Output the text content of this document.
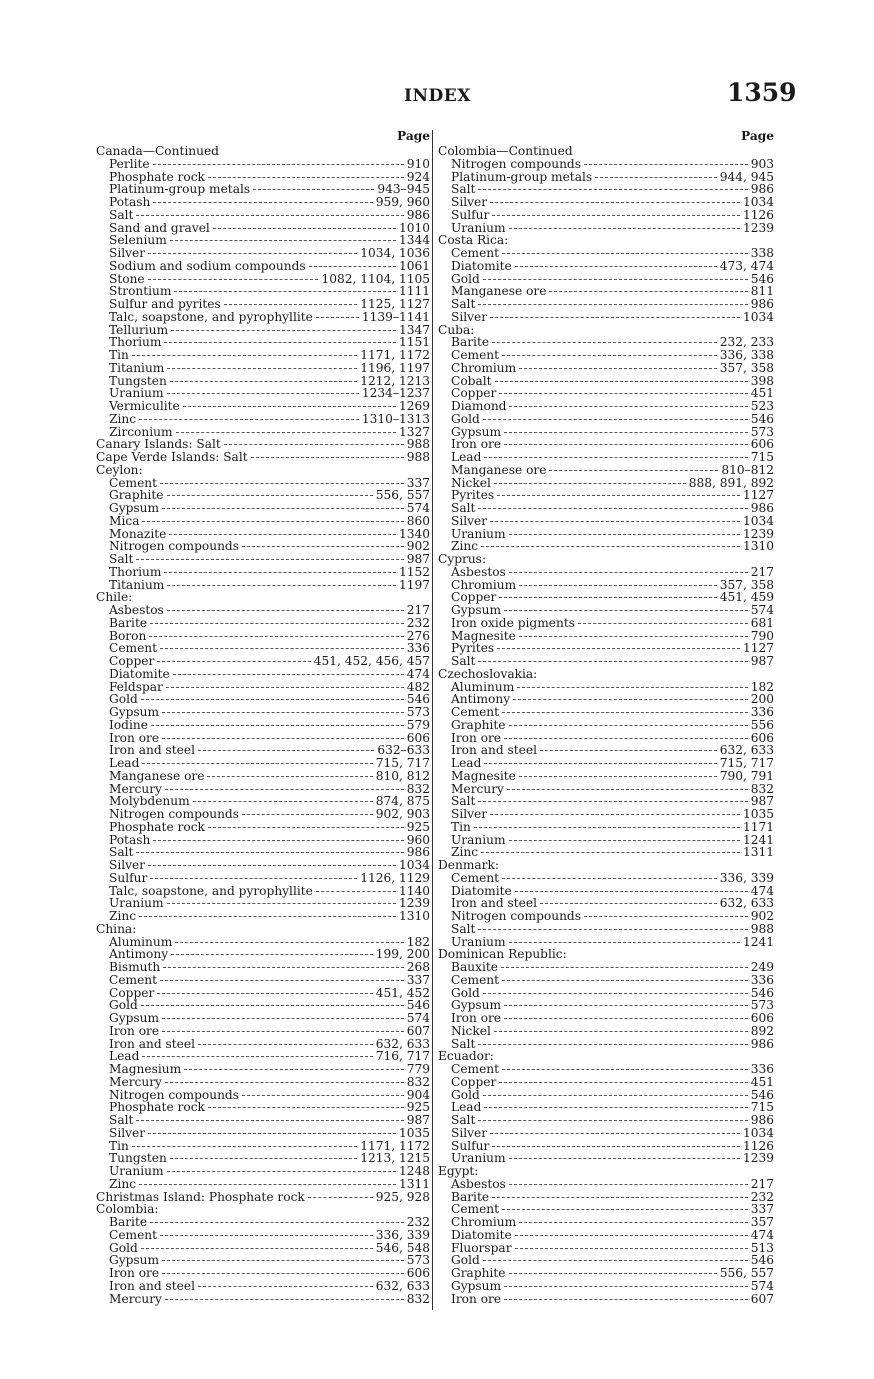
INDEX	1359
Page
Canada—Continued
Perlite	910
Phosphate rock	924
Platinum-group metals	943–945
Potash	959, 960
Salt	986
Sand and gravel	1010
Selenium	1344
Silver	1034, 1036
Sodium and sodium compounds	1061
Stone	1082, 1104, 1105
Strontium	1111
Sulfur and pyrites	1125, 1127
Talc, soapstone, and pyrophyllite	1139–1141
Tellurium	1347
Thorium	1151
Tin	1171, 1172
Titanium	1196, 1197
Tungsten	1212, 1213
Uranium	1234–1237
Vermiculite	1269
Zinc	1310–1313
Zirconium	1327
Canary Islands: Salt	988
Cape Verde Islands: Salt	988
Ceylon:
Cement	337
Graphite	556, 557
Gypsum	574
Mica	860
Monazite	1340
Nitrogen compounds	902
Salt	987
Thorium	1152
Titanium	1197
Chile:
Asbestos	217
Barite	232
Boron	276
Cement	336
Copper	451, 452, 456, 457
Diatomite	474
Feldspar	482
Gold	546
Gypsum	573
Iodine	579
Iron ore	606
Iron and steel	632–633
Lead	715, 717
Manganese ore	810, 812
Mercury	832
Molybdenum	874, 875
Nitrogen compounds	902, 903
Phosphate rock	925
Potash	960
Salt	986
Silver	1034
Sulfur	1126, 1129
Talc, soapstone, and pyrophyllite	1140
Uranium	1239
Zinc	1310
China:
Aluminum	182
Antimony	199, 200
Bismuth	268
Cement	337
Copper	451, 452
Gold	546
Gypsum	574
Iron ore	607
Iron and steel	632, 633
Lead	716, 717
Magnesium	779
Mercury	832
Nitrogen compounds	904
Phosphate rock	925
Salt	987
Silver	1035
Tin	1171, 1172
Tungsten	1213, 1215
Uranium	1248
Zinc	1311
Christmas Island: Phosphate rock	925, 928
Colombia:
Barite	232
Cement	336, 339
Gold	546, 548
Gypsum	573
Iron ore	606
Iron and steel	632, 633
Mercury	832
Page
Colombia—Continued
Nitrogen compounds	903
Platinum-group metals	944, 945
Salt	986
Silver	1034
Sulfur	1126
Uranium	1239
Costa Rica:
Cement	338
Diatomite	473, 474
Gold	546
Manganese ore	811
Salt	986
Silver	1034
Cuba:
Barite	232, 233
Cement	336, 338
Chromium	357, 358
Cobalt	398
Copper	451
Diamond	523
Gold	546
Gypsum	573
Iron ore	606
Lead	715
Manganese ore	810–812
Nickel	888, 891, 892
Pyrites	1127
Salt	986
Silver	1034
Uranium	1239
Zinc	1310
Cyprus:
Asbestos	217
Chromium	357, 358
Copper	451, 459
Gypsum	574
Iron oxide pigments	681
Magnesite	790
Pyrites	1127
Salt	987
Czechoslovakia:
Aluminum	182
Antimony	200
Cement	336
Graphite	556
Iron ore	606
Iron and steel	632, 633
Lead	715, 717
Magnesite	790, 791
Mercury	832
Salt	987
Silver	1035
Tin	1171
Uranium	1241
Zinc	1311
Denmark:
Cement	336, 339
Diatomite	474
Iron and steel	632, 633
Nitrogen compounds	902
Salt	988
Uranium	1241
Dominican Republic:
Bauxite	249
Cement	336
Gold	546
Gypsum	573
Iron ore	606
Nickel	892
Salt	986
Ecuador:
Cement	336
Copper	451
Gold	546
Lead	715
Salt	986
Silver	1034
Sulfur	1126
Uranium	1239
Egypt:
Asbestos	217
Barite	232
Cement	337
Chromium	357
Diatomite	474
Fluorspar	513
Gold	546
Graphite	556, 557
Gypsum	574
Iron ore	607
